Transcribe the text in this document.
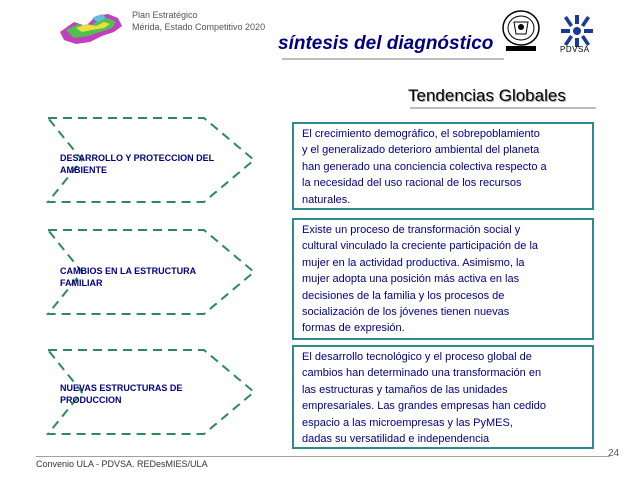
Plan Estratégico
Mérida, Estado Competitivo 2020
síntesis del diagnóstico	PDVSA
Tendencias Globales
DESARROLLO Y PROTECCION DEL
AMBIENTE
El crecimiento demográfico, el sobrepoblamiento
y el generalizado deterioro ambiental del planeta
han generado una conciencia colectiva respecto a
la necesidad del uso racional de los recursos
naturales.
CAMBIOS EN LA ESTRUCTURA
FAMILIAR
Existe un proceso de transformación social y
cultural vinculado la creciente participación de la
mujer en la actividad productiva. Asimismo, la
mujer adopta una posición más activa en las
decisiones de la familia y los procesos de
socialización de los jóvenes tienen nuevas
formas de expresión.
NUEVAS ESTRUCTURAS DE
PRODUCCION
El desarrollo tecnológico y el proceso global de
cambios han determinado una transformación en
las estructuras y tamaños de las unidades
empresariales. Las grandes empresas han cedido
espacio a las microempresas y las PyMES,
dadas su versatilidad e independencia
Convenio ULA - PDVSA. REDesMIES/ULA
24
